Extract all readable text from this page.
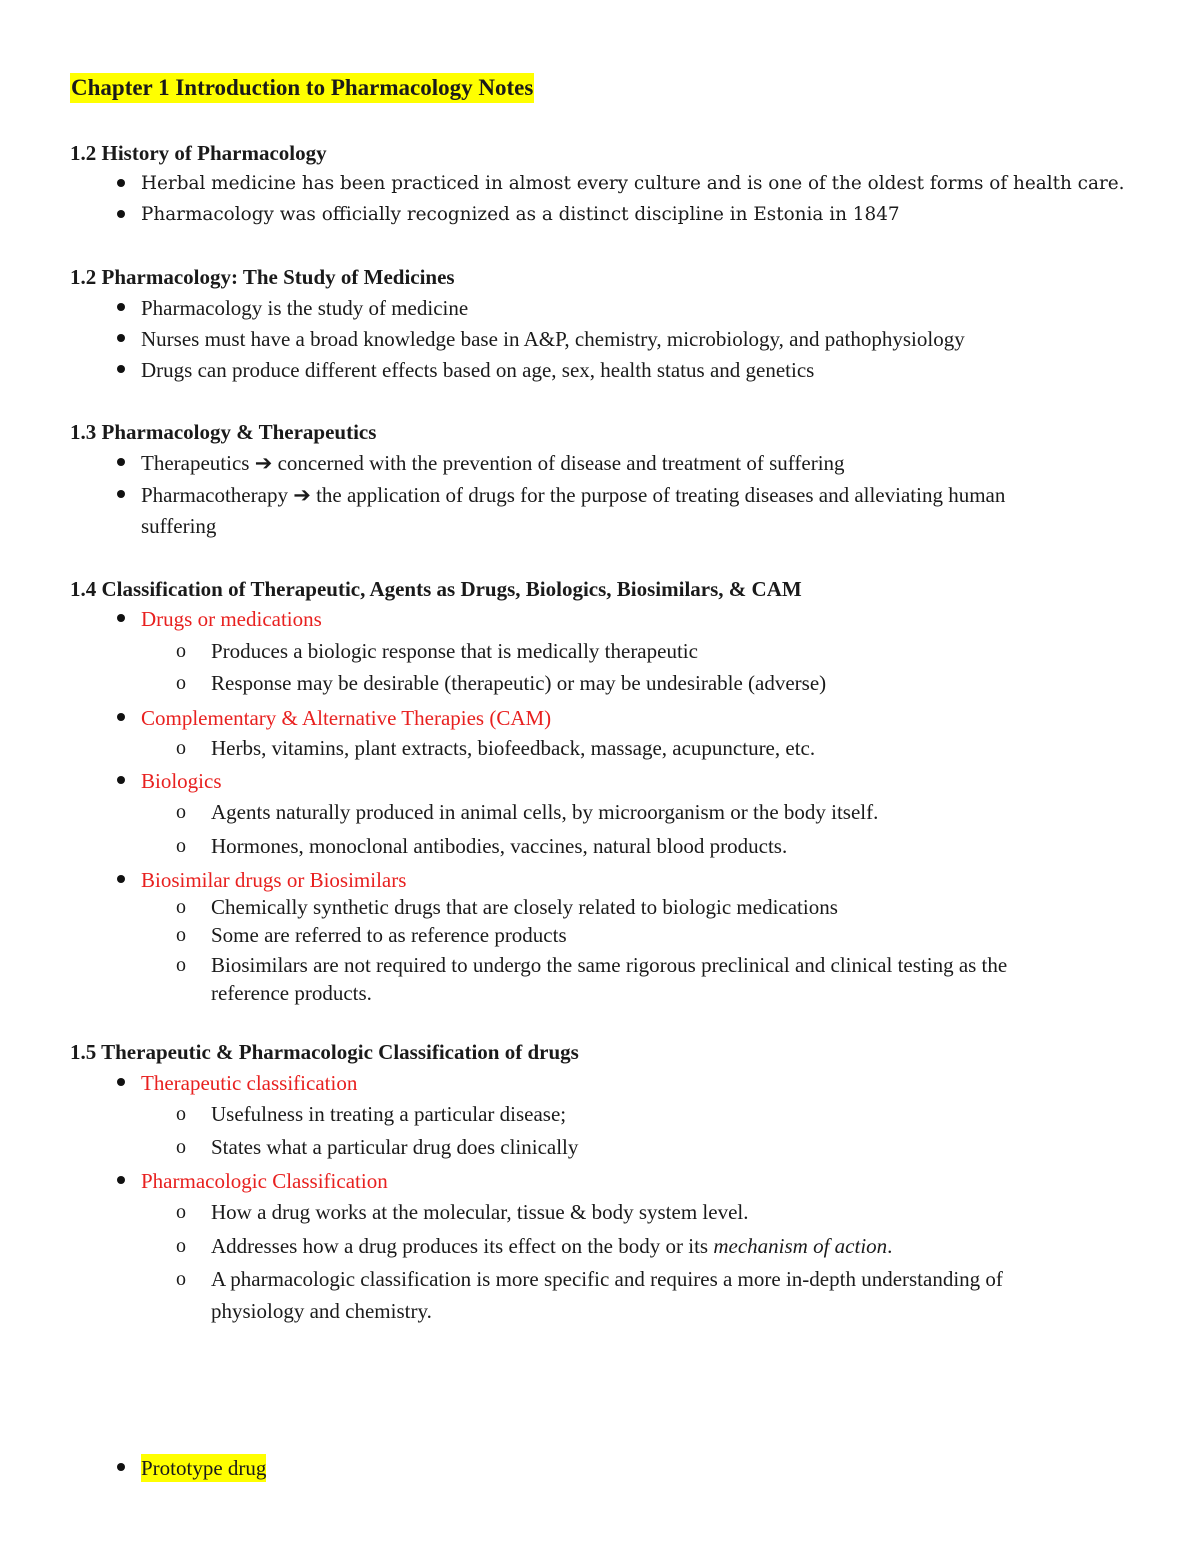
Chapter 1 Introduction to Pharmacology Notes
1.2 History of Pharmacology
Herbal medicine has been practiced in almost every culture and is one of the oldest forms of health care.
Pharmacology was officially recognized as a distinct discipline in Estonia in 1847
1.2 Pharmacology: The Study of Medicines
Pharmacology is the study of medicine
Nurses must have a broad knowledge base in A&P, chemistry, microbiology, and pathophysiology
Drugs can produce different effects based on age, sex, health status and genetics
1.3 Pharmacology & Therapeutics
Therapeutics ➔ concerned with the prevention of disease and treatment of suffering
Pharmacotherapy ➔ the application of drugs for the purpose of treating diseases and alleviating human
suffering
1.4 Classification of Therapeutic, Agents as Drugs, Biologics, Biosimilars, & CAM
Drugs or medications
o Produces a biologic response that is medically therapeutic
o Response may be desirable (therapeutic) or may be undesirable (adverse)
Complementary & Alternative Therapies (CAM)
o Herbs, vitamins, plant extracts, biofeedback, massage, acupuncture, etc.
Biologics
o Agents naturally produced in animal cells, by microorganism or the body itself.
o Hormones, monoclonal antibodies, vaccines, natural blood products.
Biosimilar drugs or Biosimilars
o Chemically synthetic drugs that are closely related to biologic medications
o Some are referred to as reference products
o Biosimilars are not required to undergo the same rigorous preclinical and clinical testing as the
reference products.
1.5 Therapeutic & Pharmacologic Classification of drugs
Therapeutic classification
o Usefulness in treating a particular disease;
o States what a particular drug does clinically
Pharmacologic Classification
o How a drug works at the molecular, tissue & body system level.
o Addresses how a drug produces its effect on the body or its mechanism of action.
o A pharmacologic classification is more specific and requires a more in-depth understanding of
physiology and chemistry.
Prototype drug
